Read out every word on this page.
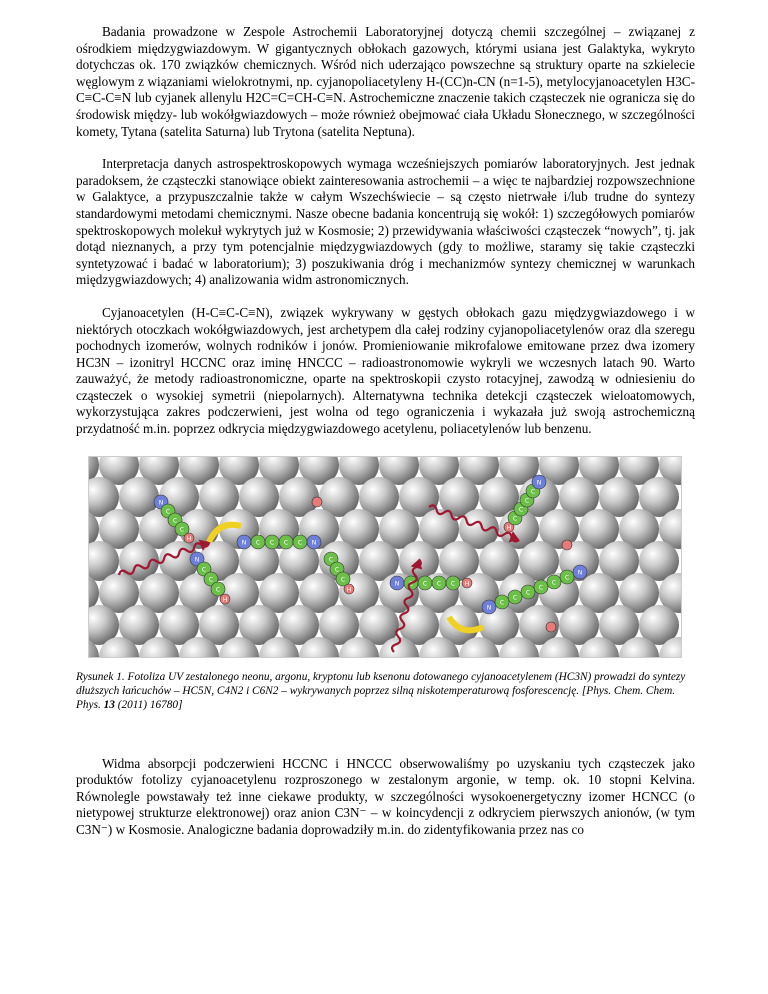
Badania prowadzone w Zespole Astrochemii Laboratoryjnej dotyczą chemii szczególnej – związanej z ośrodkiem międzygwiazdowym. W gigantycznych obłokach gazowych, którymi usiana jest Galaktyka, wykryto dotychczas ok. 170 związków chemicznych. Wśród nich uderzająco powszechne są struktury oparte na szkielecie węglowym z wiązaniami wielokrotnymi, np. cyjanopoliacetyleny H-(CC)n-CN (n=1-5), metylocyjanoacetylen H3C-C≡C-C≡N lub cyjanek allenylu H2C=C=CH-C≡N. Astrochemiczne znaczenie takich cząsteczek nie ogranicza się do środowisk między- lub wokółgwiazdowych – może również obejmować ciała Układu Słonecznego, w szczególności komety, Tytana (satelita Saturna) lub Trytona (satelita Neptuna).

Interpretacja danych astrospektroskopowych wymaga wcześniejszych pomiarów laboratoryjnych. Jest jednak paradoksem, że cząsteczki stanowiące obiekt zainteresowania astrochemii – a więc te najbardziej rozpowszechnione w Galaktyce, a przypuszczalnie także w całym Wszechświecie – są często nietrwałe i/lub trudne do syntezy standardowymi metodami chemicznymi. Nasze obecne badania koncentrują się wokół: 1) szczegółowych pomiarów spektroskopowych molekuł wykrytych już w Kosmosie; 2) przewidywania właściwości cząsteczek “nowych”, tj. jak dotąd nieznanych, a przy tym potencjalnie międzygwiazdowych (gdy to możliwe, staramy się takie cząsteczki syntetyzować i badać w laboratorium); 3) poszukiwania dróg i mechanizmów syntezy chemicznej w warunkach międzygwiazdowych; 4) analizowania widm astronomicznych.

Cyjanoacetylen (H-C≡C-C≡N), związek wykrywany w gęstych obłokach gazu międzygwiazdowego i w niektórych otoczkach wokółgwiazdowych, jest archetypem dla całej rodziny cyjanopoliacetylenów oraz dla szeregu pochodnych izomerów, wolnych rodników i jonów. Promieniowanie mikrofalowe emitowane przez dwa izomery HC3N – izonitryl HCCNC oraz iminę HNCCC – radioastronomowie wykryli we wczesnych latach 90. Warto zauważyć, że metody radioastronomiczne, oparte na spektroskopii czysto rotacyjnej, zawodzą w odniesieniu do cząsteczek o wysokiej symetrii (niepolarnych). Alternatywna technika detekcji cząsteczek wieloatomowych, wykorzystująca zakres podczerwieni, jest wolna od tego ograniczenia i wykazała już swoją astrochemiczną przydatność m.in. poprzez odkrycia międzygwiazdowego acetylenu, poliacetylenów lub benzenu.

N
C
C
C
H
N C C C C N
N
C
C
C
H
C
C
C
H
N C C C C H
H
C
C
C
C
N
N
C
C
C
C
C
C
N
Rysunek 1. Fotoliza UV zestalonego neonu, argonu, kryptonu lub ksenonu dotowanego cyjanoacetylenem (HC3N) prowadzi do syntezy dłuższych łańcuchów – HC5N, C4N2 i C6N2 – wykrywanych poprzez silną niskotemperaturową fosforescencję. [Phys. Chem. Chem. Phys. 13 (2011) 16780]

Widma absorpcji podczerwieni HCCNC i HNCCC obserwowaliśmy po uzyskaniu tych cząsteczek jako produktów fotolizy cyjanoacetylenu rozproszonego w zestalonym argonie, w temp. ok. 10 stopni Kelvina. Równolegle powstawały też inne ciekawe produkty, w szczególności wysokoenergetyczny izomer HCNCC (o nietypowej strukturze elektronowej) oraz anion C3N⁻ – w koincydencji z odkryciem pierwszych anionów, (w tym C3N⁻) w Kosmosie. Analogiczne badania doprowadziły m.in. do zidentyfikowania przez nas co
